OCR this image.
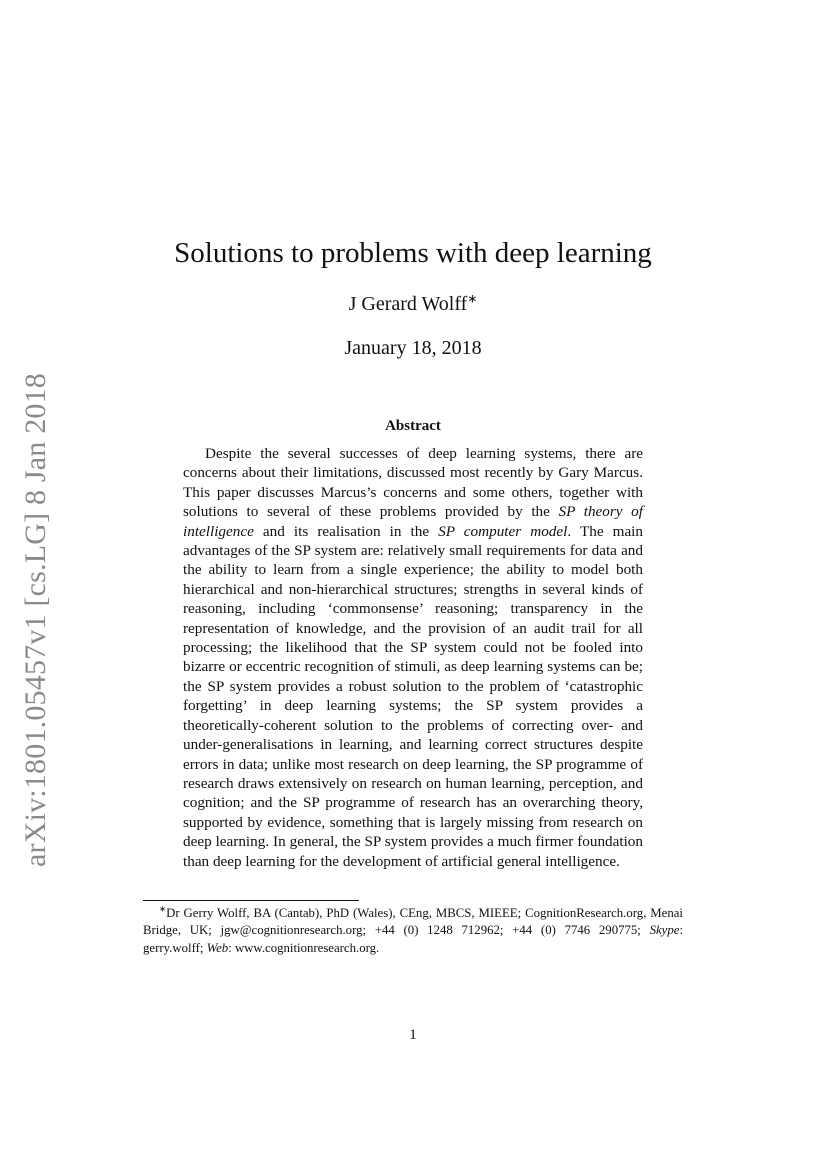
arXiv:1801.05457v1 [cs.LG] 8 Jan 2018
Solutions to problems with deep learning
J Gerard Wolff∗
January 18, 2018
Abstract
Despite the several successes of deep learning systems, there are concerns about their limitations, discussed most recently by Gary Marcus. This paper discusses Marcus’s concerns and some others, together with solutions to several of these problems provided by the SP theory of intelligence and its realisation in the SP computer model. The main advantages of the SP system are: relatively small requirements for data and the ability to learn from a single experience; the ability to model both hierarchical and non-hierarchical structures; strengths in several kinds of reasoning, including ‘commonsense’ reasoning; transparency in the representation of knowledge, and the provision of an audit trail for all processing; the likelihood that the SP system could not be fooled into bizarre or eccentric recognition of stimuli, as deep learning systems can be; the SP system provides a robust solution to the problem of ‘catastrophic forgetting’ in deep learning systems; the SP system provides a theoretically-coherent solution to the problems of correcting over- and under-generalisations in learning, and learning correct structures despite errors in data; unlike most research on deep learning, the SP programme of research draws extensively on research on human learning, perception, and cognition; and the SP programme of research has an overarching theory, supported by evidence, something that is largely missing from research on deep learning. In general, the SP system provides a much firmer foundation than deep learning for the development of artificial general intelligence.
∗Dr Gerry Wolff, BA (Cantab), PhD (Wales), CEng, MBCS, MIEEE; CognitionResearch.org, Menai Bridge, UK; jgw@cognitionresearch.org; +44 (0) 1248 712962; +44 (0) 7746 290775; Skype: gerry.wolff; Web: www.cognitionresearch.org.
1
